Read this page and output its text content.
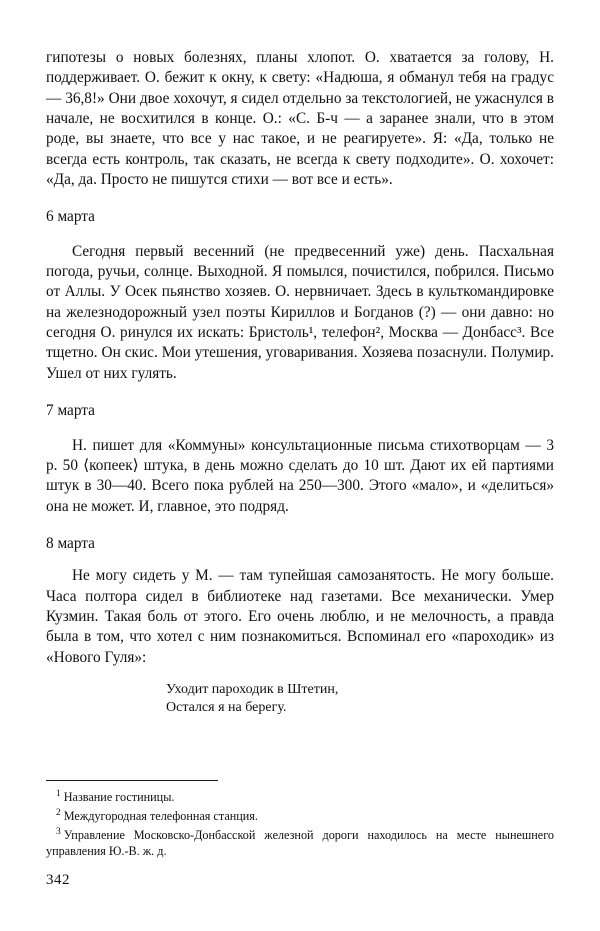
гипотезы о новых болезнях, планы хлопот. О. хватается за голову, Н. поддерживает. О. бежит к окну, к свету: «Надюша, я обманул тебя на градус — 36,8!» Они двое хохочут, я сидел отдельно за текстологией, не ужаснулся в начале, не восхитился в конце. О.: «С. Б-ч — а заранее знали, что в этом роде, вы знаете, что все у нас такое, и не реагируете». Я: «Да, только не всегда есть контроль, так сказать, не всегда к свету подходите». О. хохочет: «Да, да. Просто не пишутся стихи — вот все и есть».

6 марта

Сегодня первый весенний (не предвесенний уже) день. Пасхальная погода, ручьи, солнце. Выходной. Я помылся, почистился, побрился. Письмо от Аллы. У Осек пьянство хозяев. О. нервничает. Здесь в культкомандировке на железнодорожный узел поэты Кириллов и Богданов (?) — они давно: но сегодня О. ринулся их искать: Бристоль¹, телефон², Москва — Донбасс³. Все тщетно. Он скис. Мои утешения, уговаривания. Хозяева позаснули. Полумир. Ушел от них гулять.

7 марта

Н. пишет для «Коммуны» консультационные письма стихотворцам — 3 р. 50 ⟨копеек⟩ штука, в день можно сделать до 10 шт. Дают их ей партиями штук в 30—40. Всего пока рублей на 250—300. Этого «мало», и «делиться» она не может. И, главное, это подряд.

8 марта

Не могу сидеть у М. — там тупейшая самозанятость. Не могу больше. Часа полтора сидел в библиотеке над газетами. Все механически. Умер Кузмин. Такая боль от этого. Его очень люблю, и не мелочность, а правда была в том, что хотел с ним познакомиться. Вспоминал его «пароходик» из «Нового Гуля»:

Уходит пароходик в Штетин,
Остался я на берегу.

$^1$ Название гостиницы.

$^2$ Междугородная телефонная станция.

$^3$ Управление Московско-Донбасской железной дороги находилось на месте нынешнего управления Ю.-В. ж. д.

342
